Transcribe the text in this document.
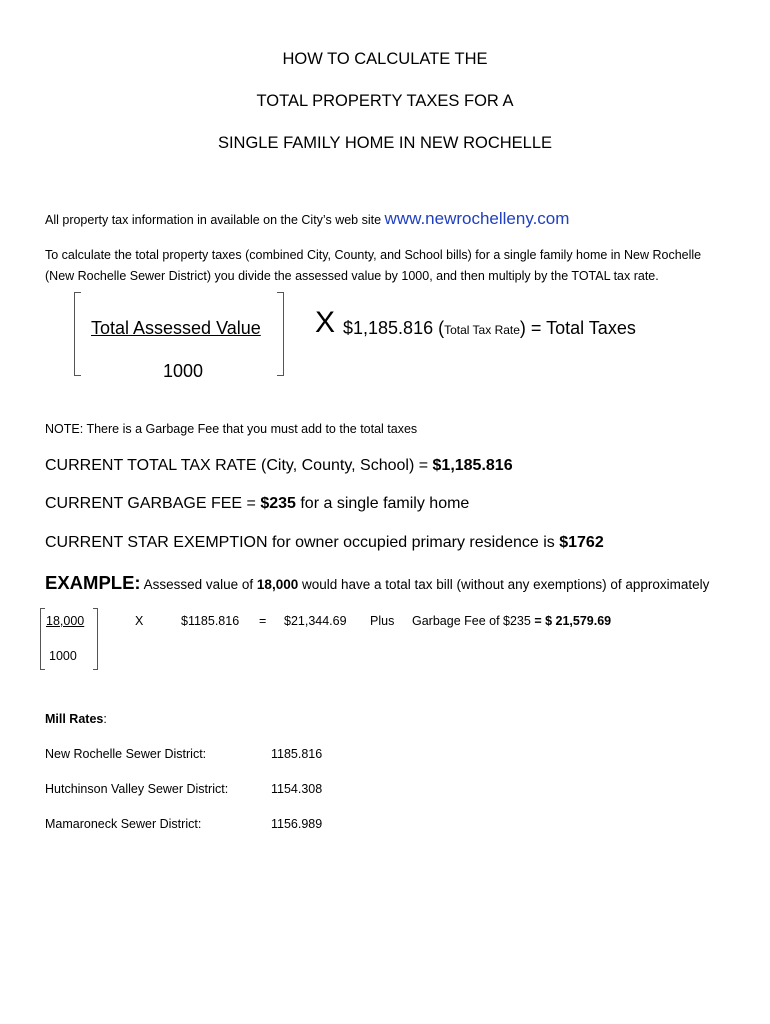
HOW TO CALCULATE THE
TOTAL PROPERTY TAXES FOR A
SINGLE FAMILY HOME IN NEW ROCHELLE
All property tax information in available on the City’s web site www.newrochelleny.com
To calculate the total property taxes (combined City, County, and School bills) for a single family home in New Rochelle
(New Rochelle Sewer District) you divide the assessed value by 1000, and then multiply by the TOTAL tax rate.
Total Assessed Value
1000
X $1,185.816 (Total Tax Rate) = Total Taxes
NOTE: There is a Garbage Fee that you must add to the total taxes
CURRENT TOTAL TAX RATE (City, County, School) = $1,185.816
CURRENT GARBAGE FEE = $235 for a single family home
CURRENT STAR EXEMPTION for owner occupied primary residence is $1762
EXAMPLE: Assessed value of 18,000 would have a total tax bill (without any exemptions) of approximately
18,000
1000
X	$1185.816 = $21,344.69 Plus Garbage Fee of $235 = $ 21,579.69
Mill Rates:
New Rochelle Sewer District:	1185.816
Hutchinson Valley Sewer District:	1154.308
Mamaroneck Sewer District:	1156.989
